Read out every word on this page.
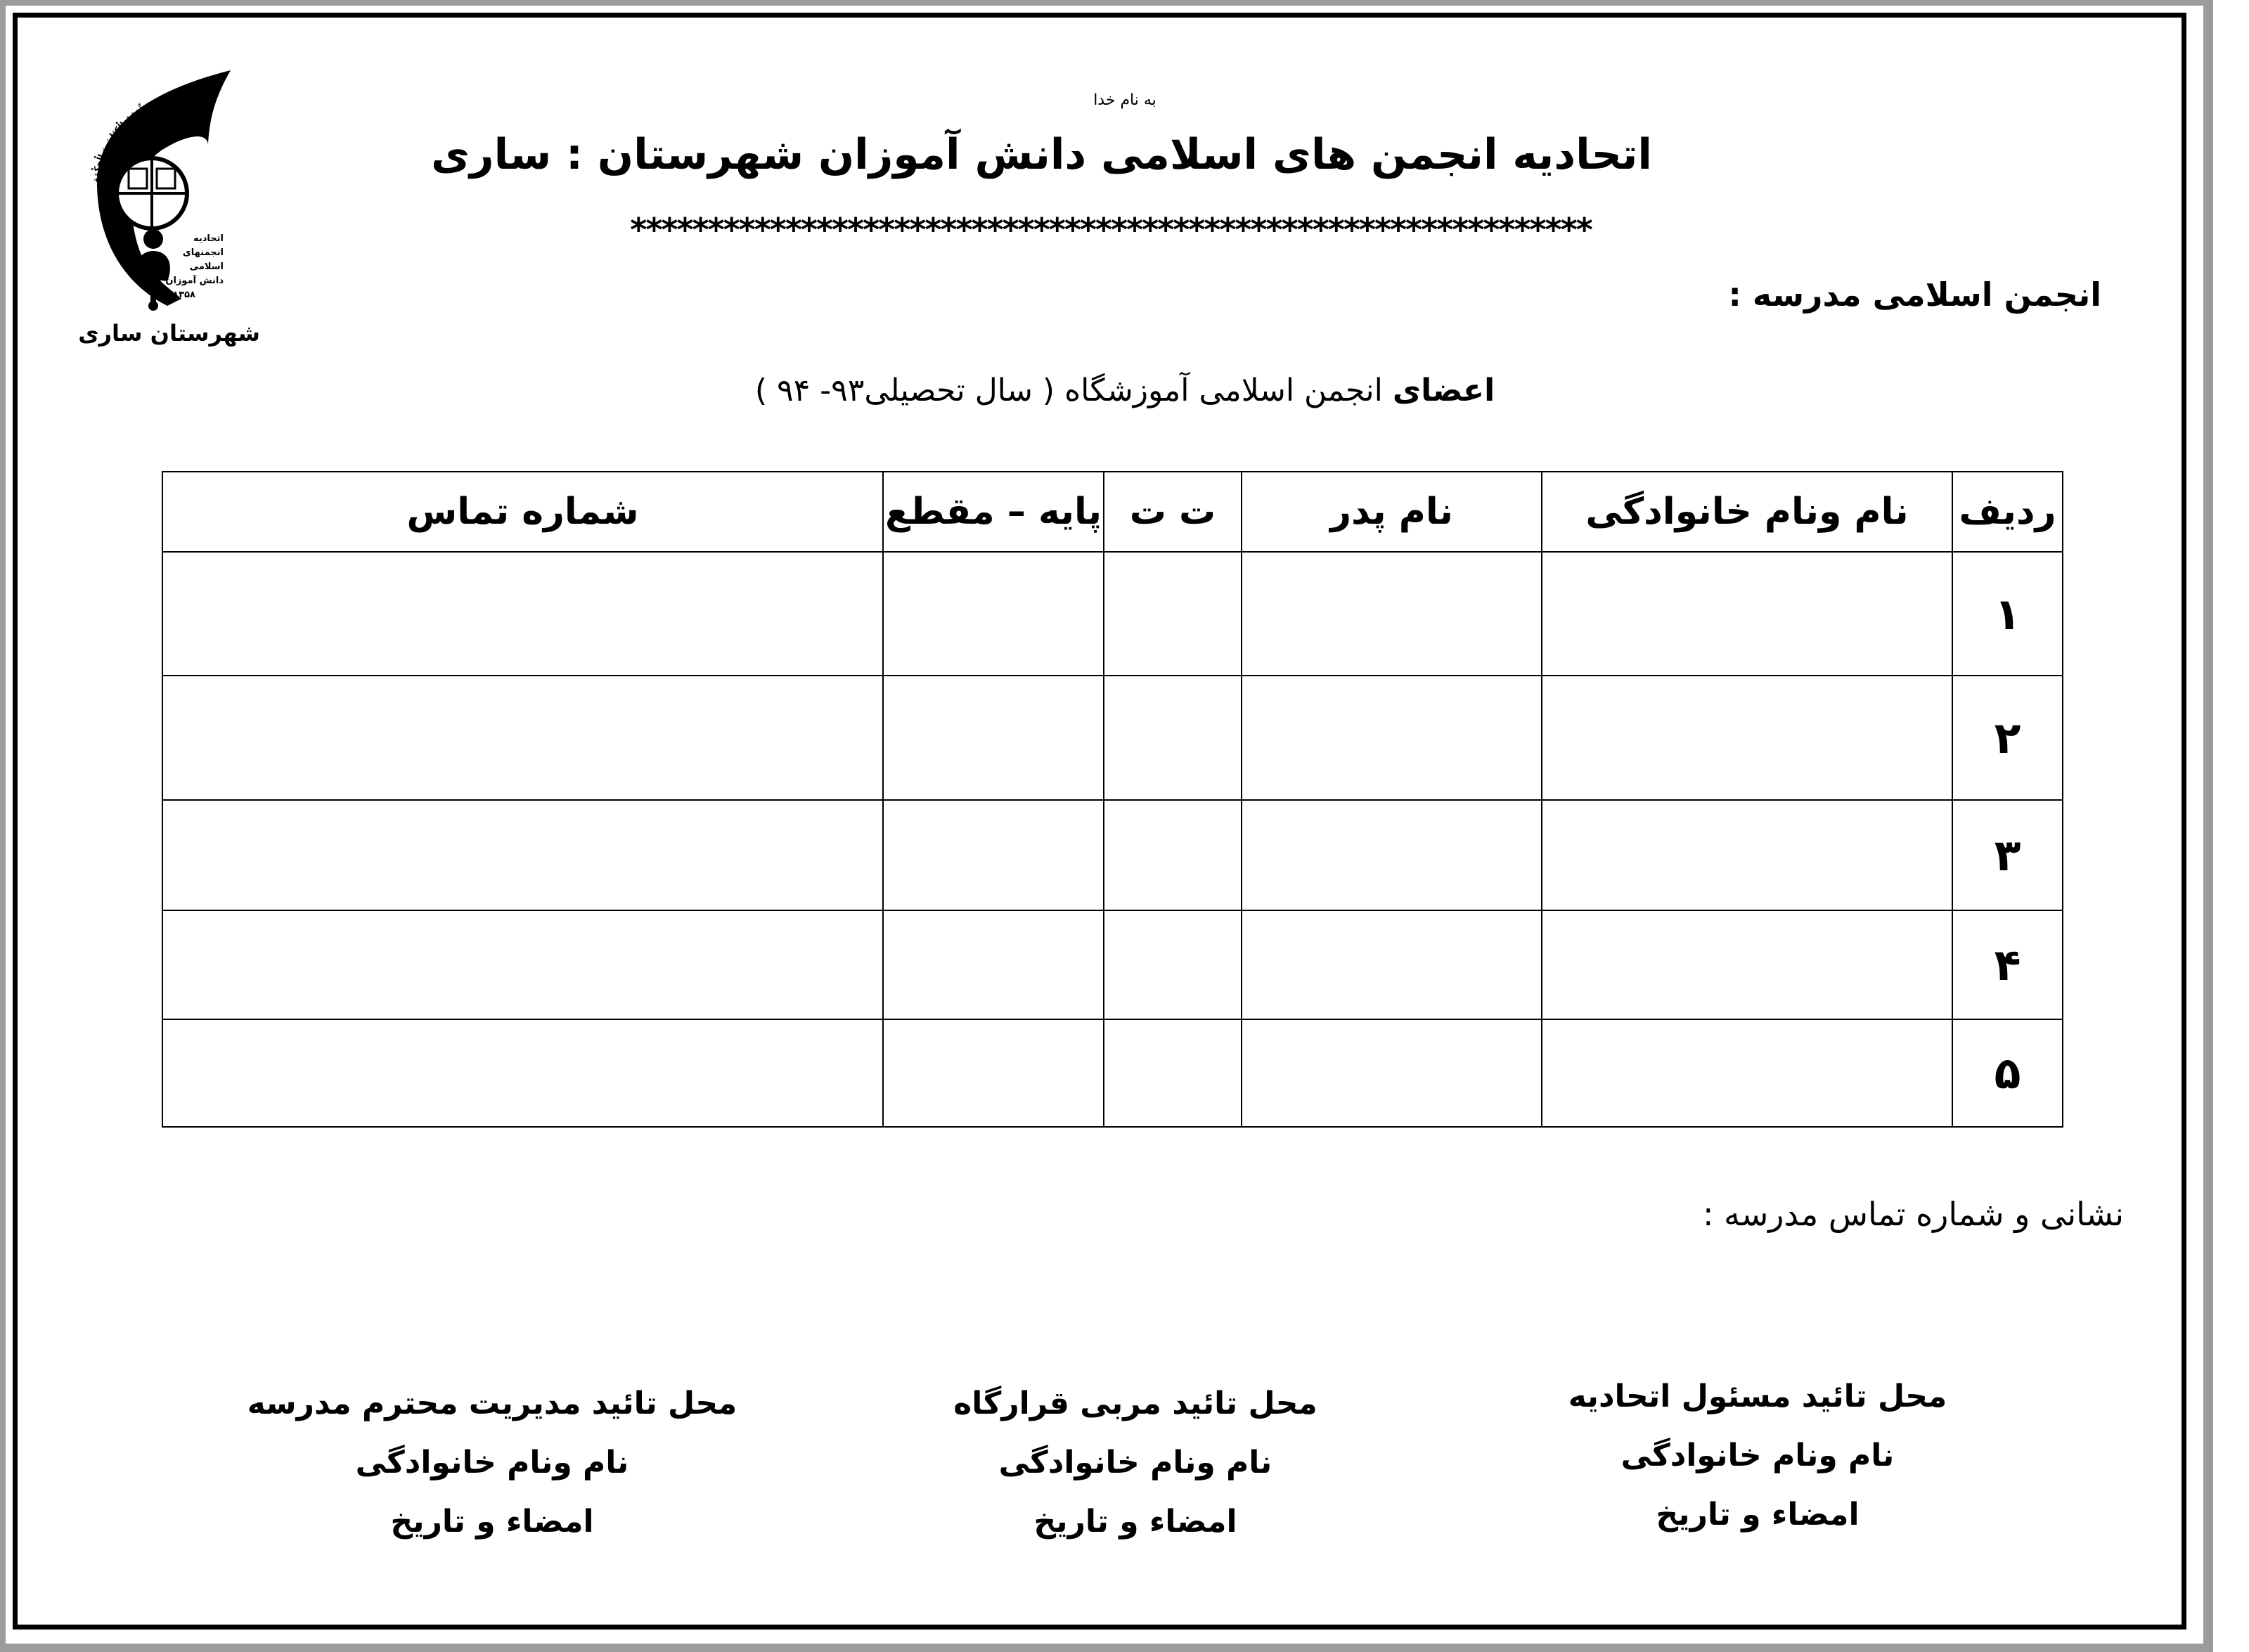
به نام خدا
اتحادیه انجمن های اسلامی دانش آموزان شهرستان : ساری
**************************************************************
انجمن اسلامی مدرسه :
اعضای انجمن اسلامی آموزشگاه ( سال تحصیلی۹۳- ۹۴ )
وَ يُعَلِّمُهُمُ الْكِتَابَ وَ الْحِكْمَة
اتحادیه
انجمنهای
اسلامی
دانش آموزان
۱۳۵۸
شهرستان ساری
ردیف	نام ونام خانوادگی	نام پدر	ت ت	پایه – مقطع	شماره تماس
۱					
۲					
۳					
۴					
۵					
نشانی و شماره تماس مدرسه :
محل تائید مسئول اتحادیه
نام ونام خانوادگی
امضاء و تاریخ
محل تائید مربی قرارگاه
نام ونام خانوادگی
امضاء و تاریخ
محل تائید مدیریت محترم مدرسه
نام ونام خانوادگی
امضاء و تاریخ
